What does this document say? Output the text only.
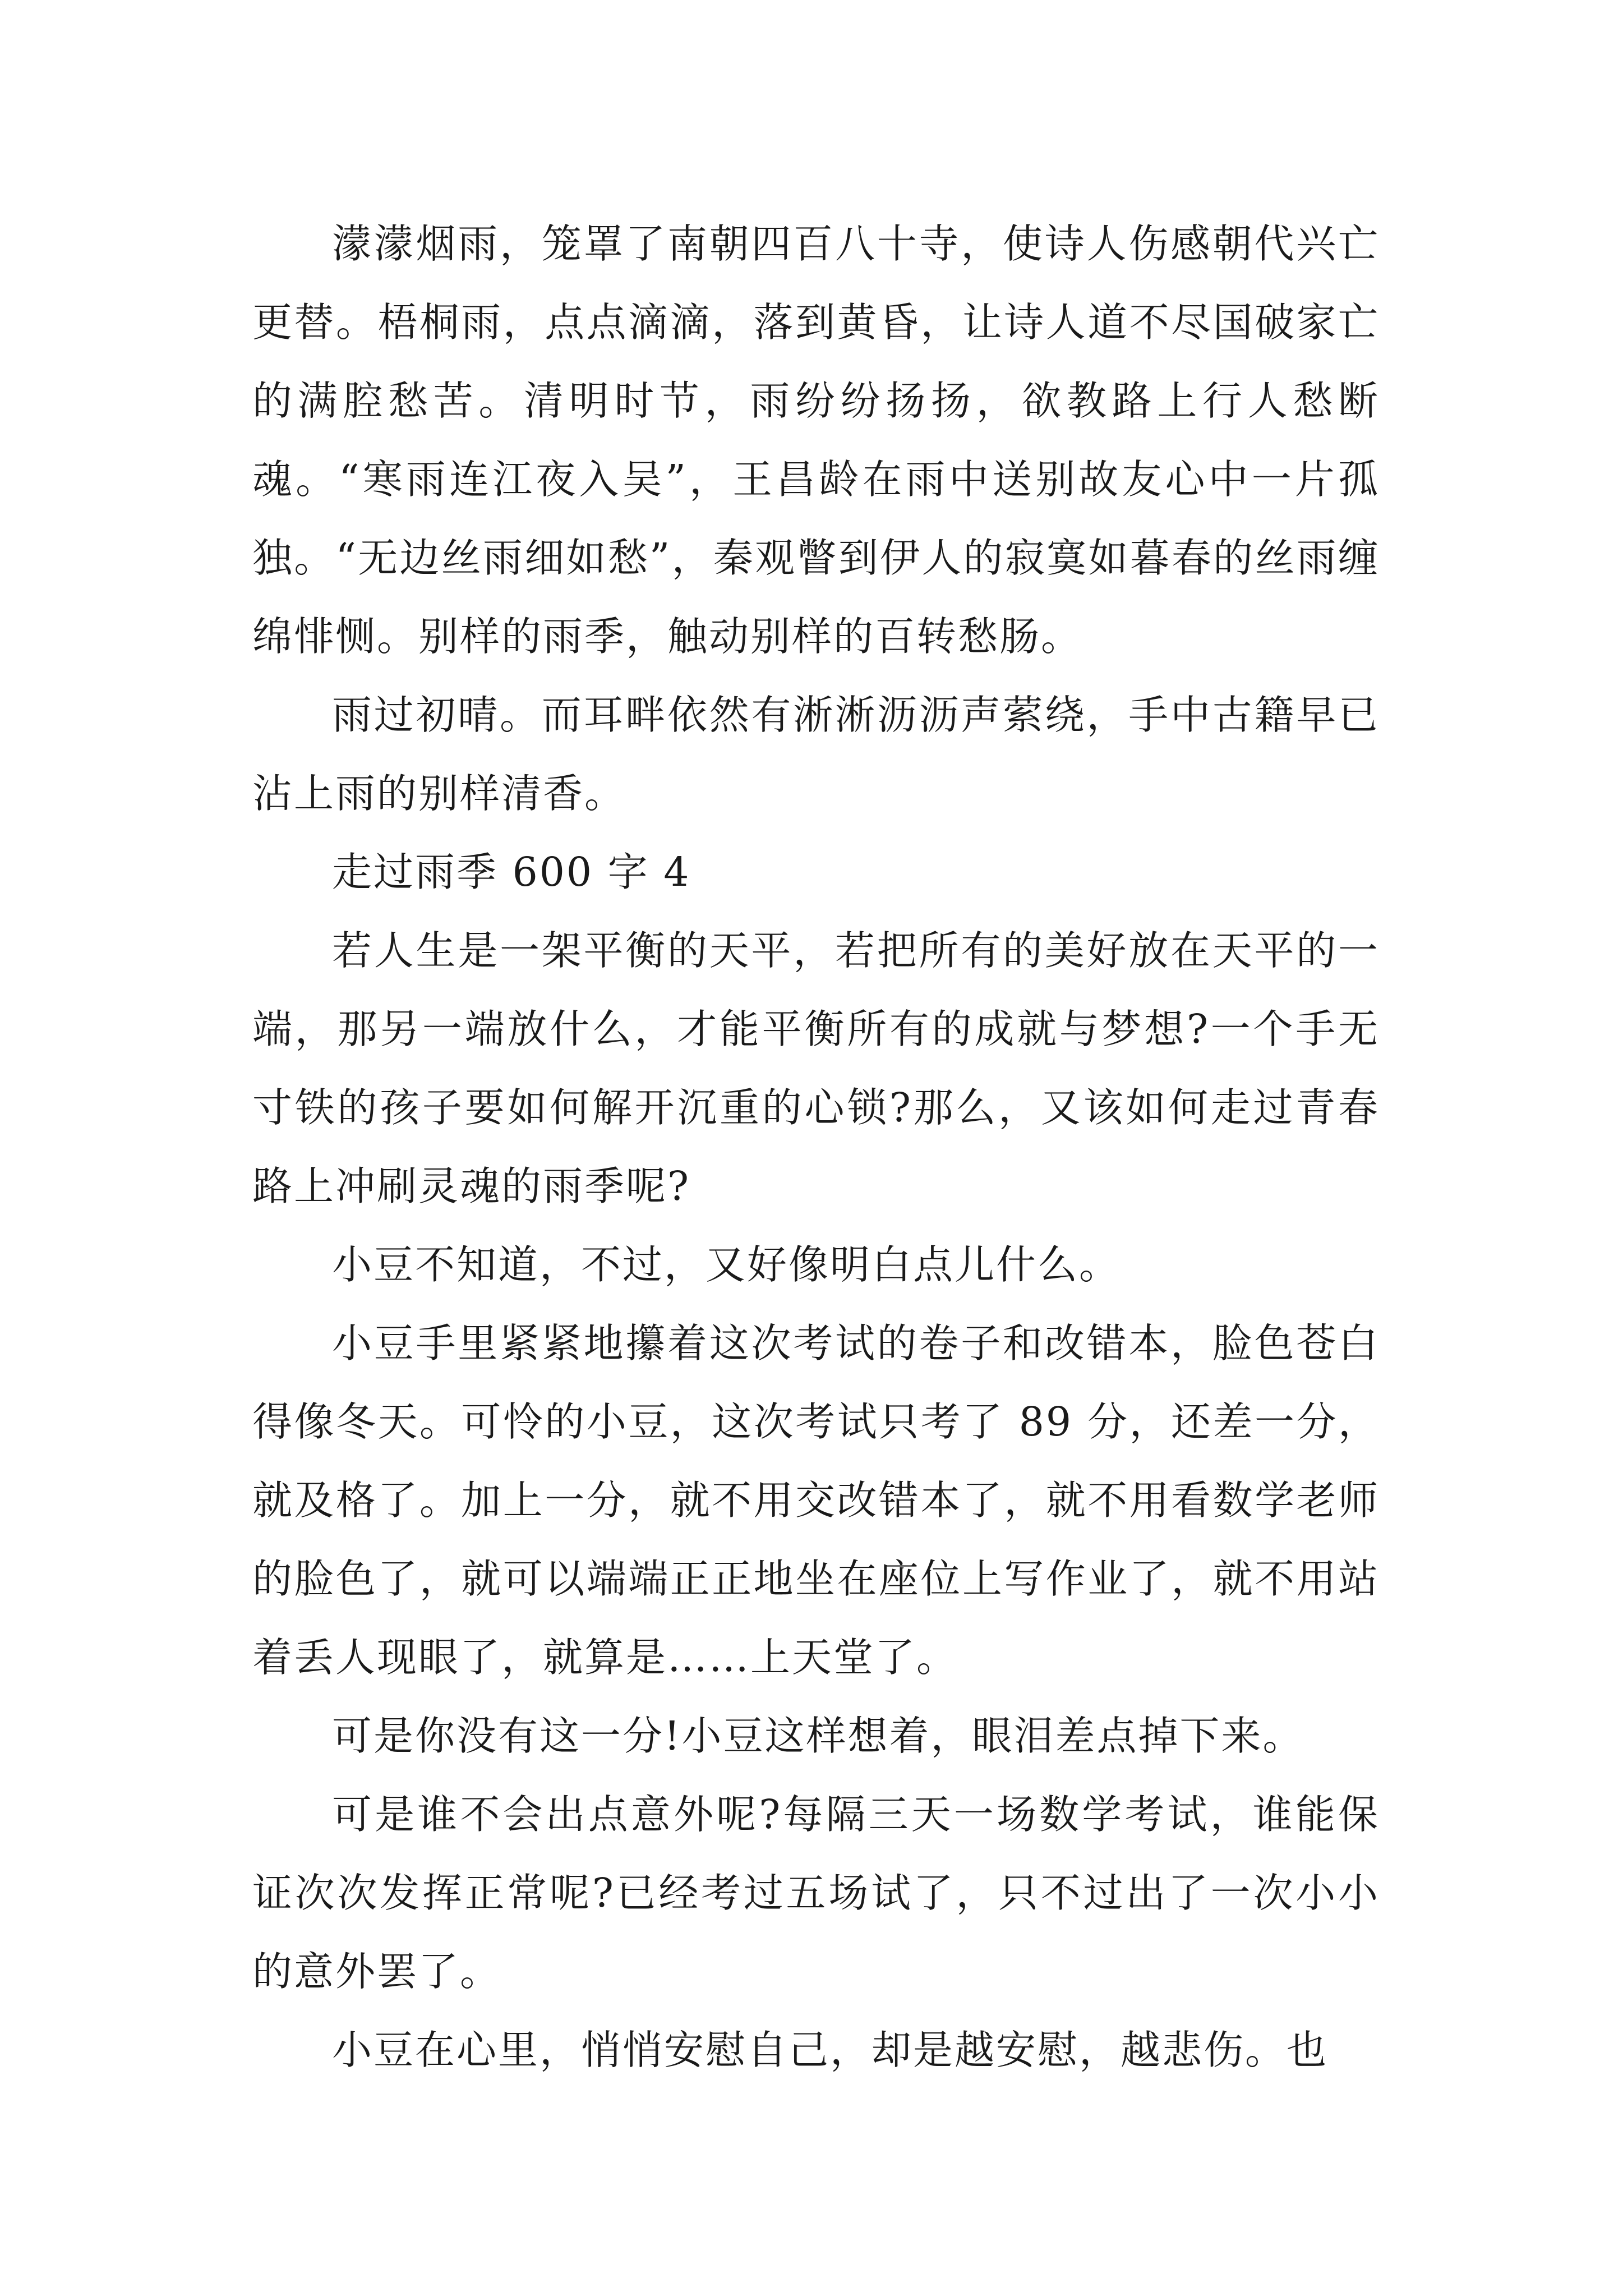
濛濛烟雨，笼罩了南朝四百八十寺，使诗人伤感朝代兴亡更替。梧桐雨，点点滴滴，落到黄昏，让诗人道不尽国破家亡的满腔愁苦。清明时节，雨纷纷扬扬，欲教路上行人愁断魂。“寒雨连江夜入吴”，王昌龄在雨中送别故友心中一片孤独。“无边丝雨细如愁”，秦观瞥到伊人的寂寞如暮春的丝雨缠绵悱恻。别样的雨季，触动别样的百转愁肠。

雨过初晴。而耳畔依然有淅淅沥沥声萦绕，手中古籍早已沾上雨的别样清香。

走过雨季 600 字 4

若人生是一架平衡的天平，若把所有的美好放在天平的一端，那另一端放什么，才能平衡所有的成就与梦想?一个手无寸铁的孩子要如何解开沉重的心锁?那么，又该如何走过青春路上冲刷灵魂的雨季呢?

小豆不知道，不过，又好像明白点儿什么。

小豆手里紧紧地攥着这次考试的卷子和改错本，脸色苍白得像冬天。可怜的小豆，这次考试只考了 89 分，还差一分，就及格了。加上一分，就不用交改错本了，就不用看数学老师的脸色了，就可以端端正正地坐在座位上写作业了，就不用站着丢人现眼了，就算是……上天堂了。

可是你没有这一分!小豆这样想着，眼泪差点掉下来。

可是谁不会出点意外呢?每隔三天一场数学考试，谁能保证次次发挥正常呢?已经考过五场试了，只不过出了一次小小的意外罢了。

小豆在心里，悄悄安慰自己，却是越安慰，越悲伤。也
